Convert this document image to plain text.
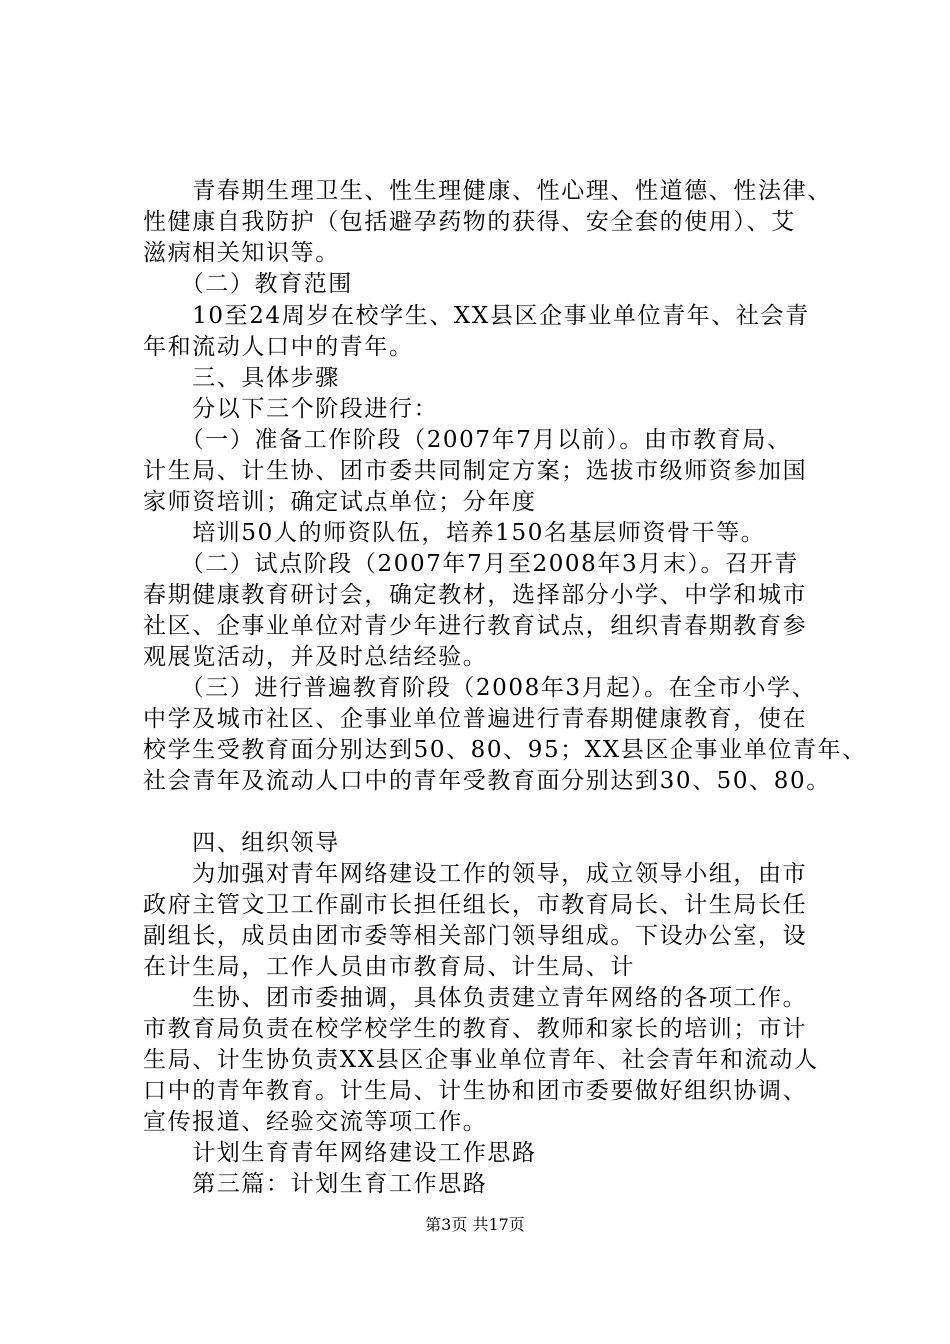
　　青春期生理卫生、性生理健康、性心理、性道德、性法律、
性健康自我防护（包括避孕药物的获得、安全套的使用）、艾
滋病相关知识等。
　　（二）教育范围
　　10至24周岁在校学生、XX县区企事业单位青年、社会青
年和流动人口中的青年。
　　三、具体步骤
　　分以下三个阶段进行：
　　（一）准备工作阶段（2007年7月以前）。由市教育局、
计生局、计生协、团市委共同制定方案；选拔市级师资参加国
家师资培训；确定试点单位；分年度
　　培训50人的师资队伍，培养150名基层师资骨干等。
　　（二）试点阶段（2007年7月至2008年3月末）。召开青
春期健康教育研讨会，确定教材，选择部分小学、中学和城市
社区、企事业单位对青少年进行教育试点，组织青春期教育参
观展览活动，并及时总结经验。
　　（三）进行普遍教育阶段（2008年3月起）。在全市小学、
中学及城市社区、企事业单位普遍进行青春期健康教育，使在
校学生受教育面分别达到50、80、95；XX县区企事业单位青年、
社会青年及流动人口中的青年受教育面分别达到30、50、80。
　　四、组织领导
　　为加强对青年网络建设工作的领导，成立领导小组，由市
政府主管文卫工作副市长担任组长，市教育局长、计生局长任
副组长，成员由团市委等相关部门领导组成。下设办公室，设
在计生局，工作人员由市教育局、计生局、计
　　生协、团市委抽调，具体负责建立青年网络的各项工作。
市教育局负责在校学校学生的教育、教师和家长的培训；市计
生局、计生协负责XX县区企事业单位青年、社会青年和流动人
口中的青年教育。计生局、计生协和团市委要做好组织协调、
宣传报道、经验交流等项工作。
　　计划生育青年网络建设工作思路
　　第三篇：计划生育工作思路
第3页 共17页
